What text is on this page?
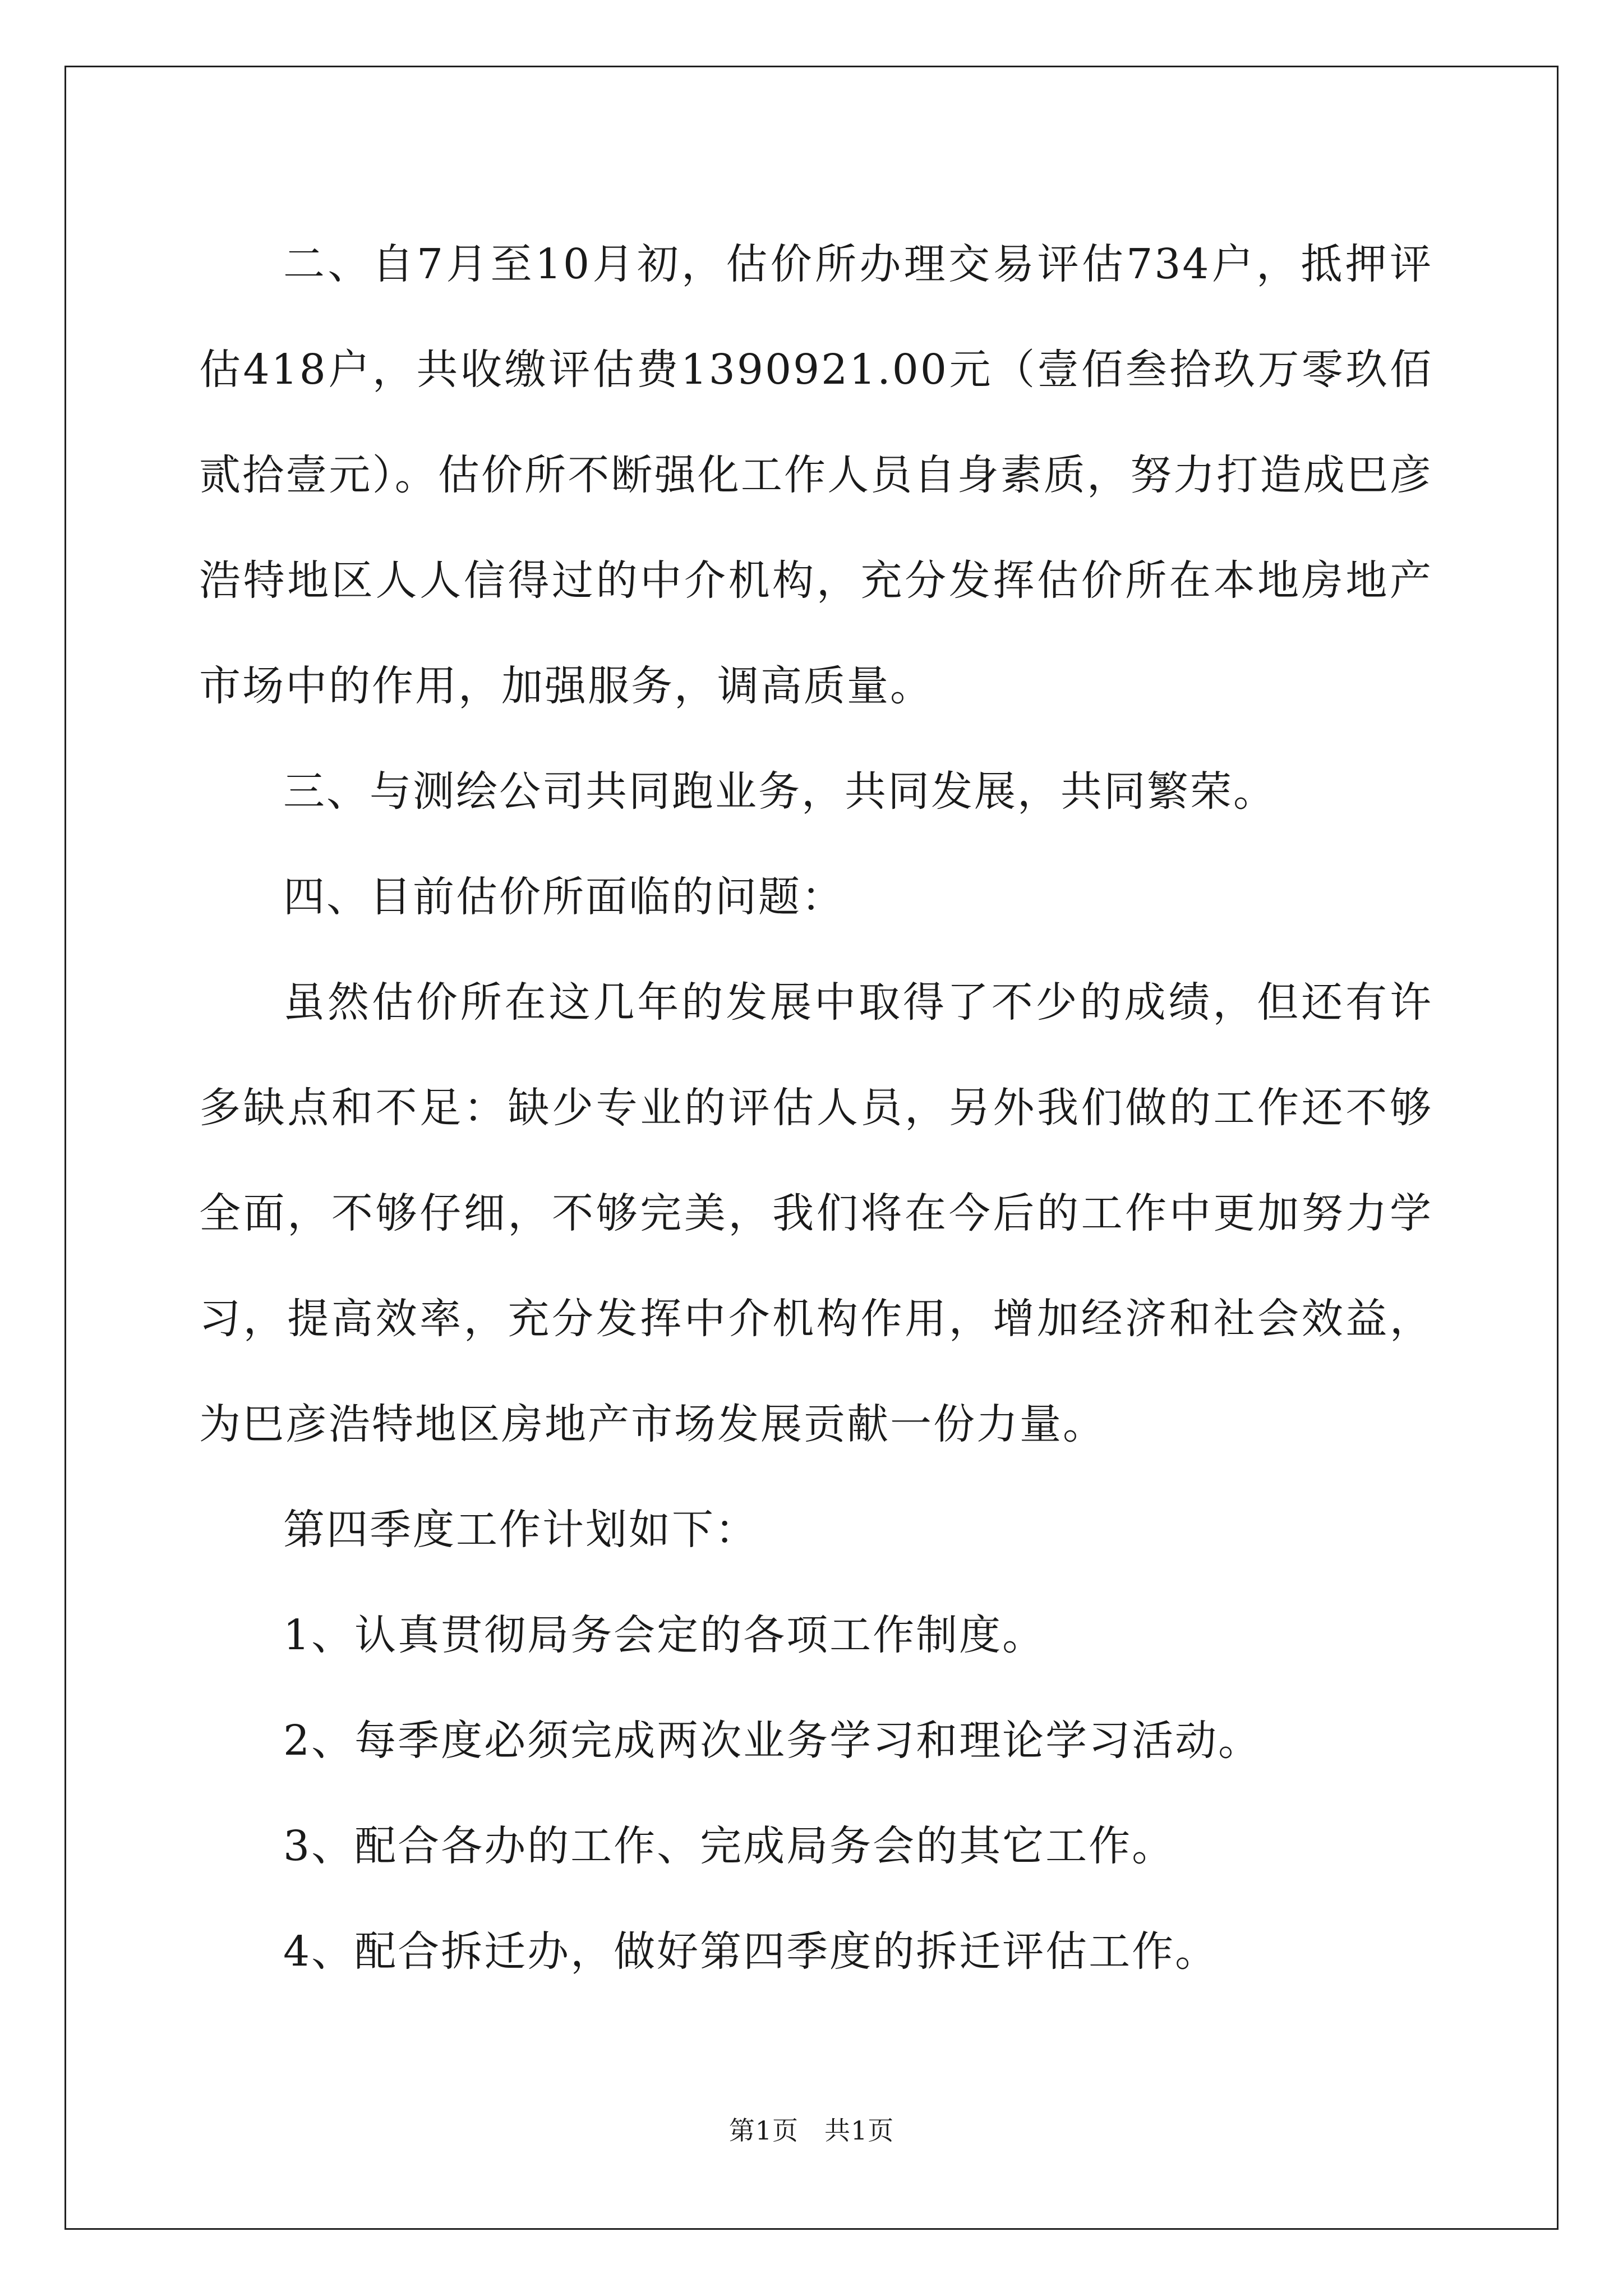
二、自7月至10月初，估价所办理交易评估734户，抵押评估418户，共收缴评估费1390921.00元（壹佰叁拾玖万零玖佰贰拾壹元）。估价所不断强化工作人员自身素质，努力打造成巴彦浩特地区人人信得过的中介机构，充分发挥估价所在本地房地产市场中的作用，加强服务，调高质量。

三、与测绘公司共同跑业务，共同发展，共同繁荣。

四、目前估价所面临的问题：

虽然估价所在这几年的发展中取得了不少的成绩，但还有许多缺点和不足：缺少专业的评估人员，另外我们做的工作还不够全面，不够仔细，不够完美，我们将在今后的工作中更加努力学习，提高效率，充分发挥中介机构作用，增加经济和社会效益，为巴彦浩特地区房地产市场发展贡献一份力量。

第四季度工作计划如下：

1、认真贯彻局务会定的各项工作制度。

2、每季度必须完成两次业务学习和理论学习活动。

3、配合各办的工作、完成局务会的其它工作。

4、配合拆迁办，做好第四季度的拆迁评估工作。

第1页 共1页
